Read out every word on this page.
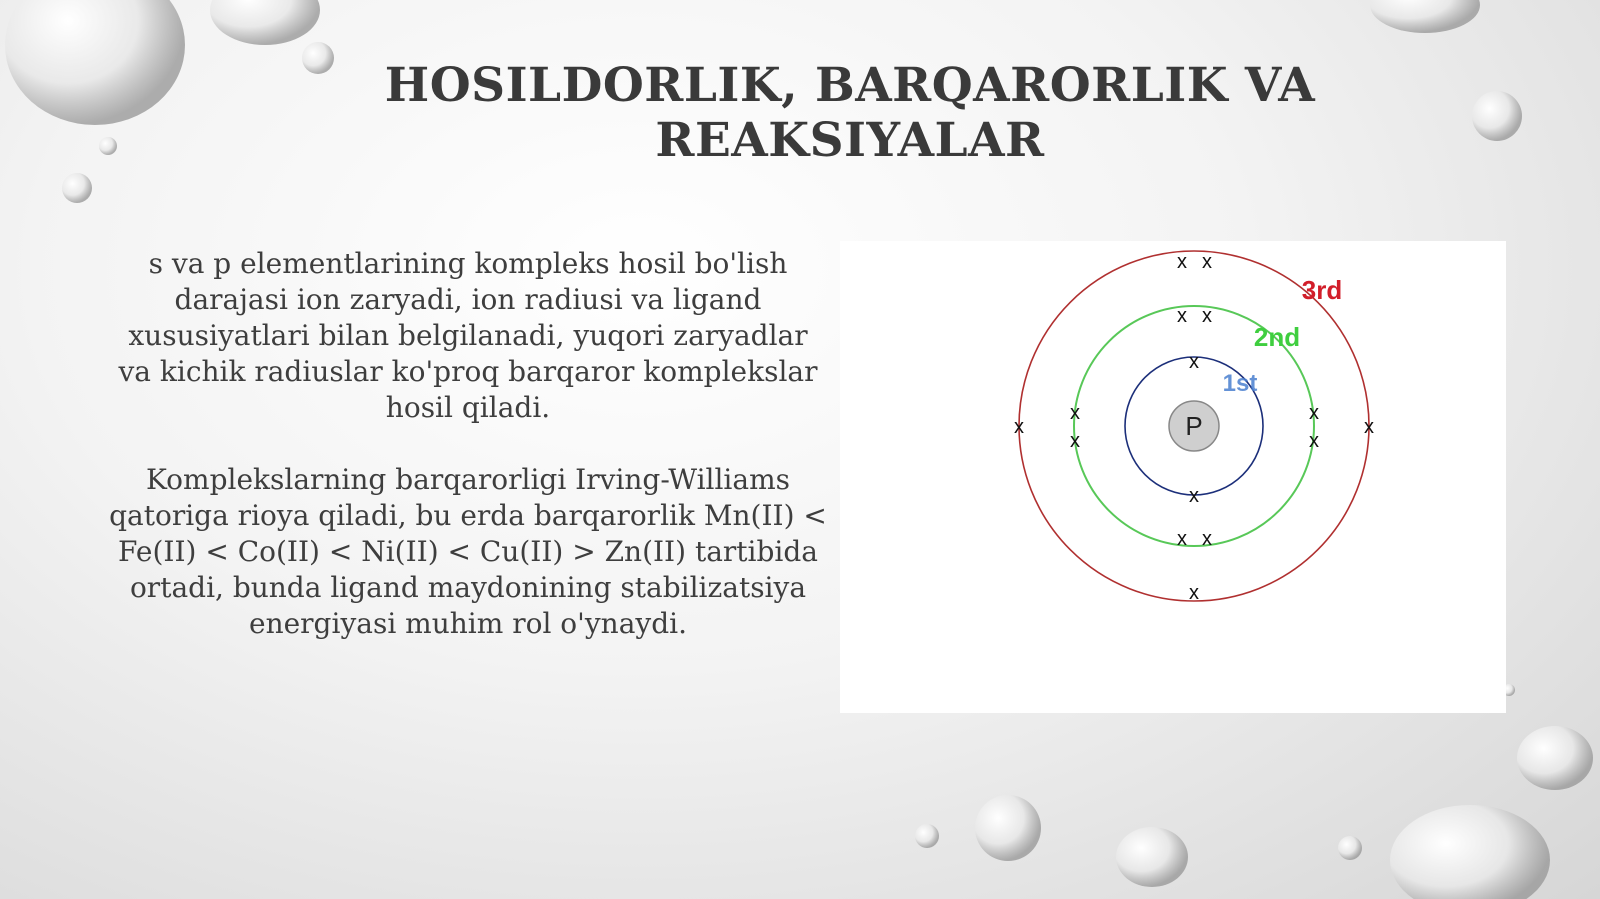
HOSILDORLIK, BARQARORLIK VA REAKSIYALAR

s va p elementlarining kompleks hosil bo'lish darajasi ion zaryadi, ion radiusi va ligand xususiyatlari bilan belgilanadi, yuqori zaryadlar va kichik radiuslar ko'proq barqaror komplekslar hosil qiladi.

Komplekslarning barqarorligi Irving-Williams qatoriga rioya qiladi, bu erda barqarorlik Mn(II) < Fe(II) < Co(II) < Ni(II) < Cu(II) > Zn(II) tartibida ortadi, bunda ligand maydonining stabilizatsiya energiyasi muhim rol o'ynaydi.

P
1st
2nd
3rd
x
x
x x
x x
x
x
x
x
x x
x	x
x
